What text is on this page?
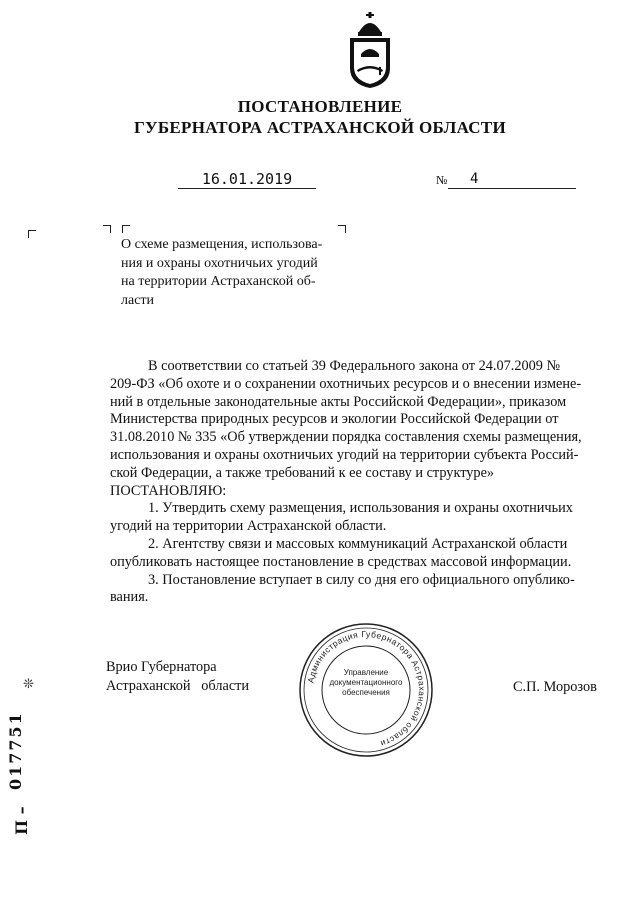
ПОСТАНОВЛЕНИЕ
ГУБЕРНАТОРА АСТРАХАНСКОЙ ОБЛАСТИ
16.01.2019	№	4
О схеме размещения, использова-
ния и охраны охотничьих угодий
на территории Астраханской об-
ласти

В соответствии со статьей 39 Федерального закона от 24.07.2009 №

209-ФЗ «Об охоте и о сохранении охотничьих ресурсов и о внесении измене-

ний в отдельные законодательные акты Российской Федерации», приказом

Министерства природных ресурсов и экологии Российской Федерации от

31.08.2010 № 335 «Об утверждении порядка составления схемы размещения,

использования и охраны охотничьих угодий на территории субъекта Россий-

ской Федерации, а также требований к ее составу и структуре»

ПОСТАНОВЛЯЮ:

1. Утвердить схему размещения, использования и охраны охотничьих

угодий на территории Астраханской области.

2. Агентству связи и массовых коммуникаций Астраханской области

опубликовать настоящее постановление в средствах массовой информации.

3. Постановление вступает в силу со дня его официального опублико-

вания.

Врио Губернатора
Астраханской   области	Администрация Губернатора Астраханской области
Управление
документационного
обеспечения	С.П. Морозов
❊
017751
П –
